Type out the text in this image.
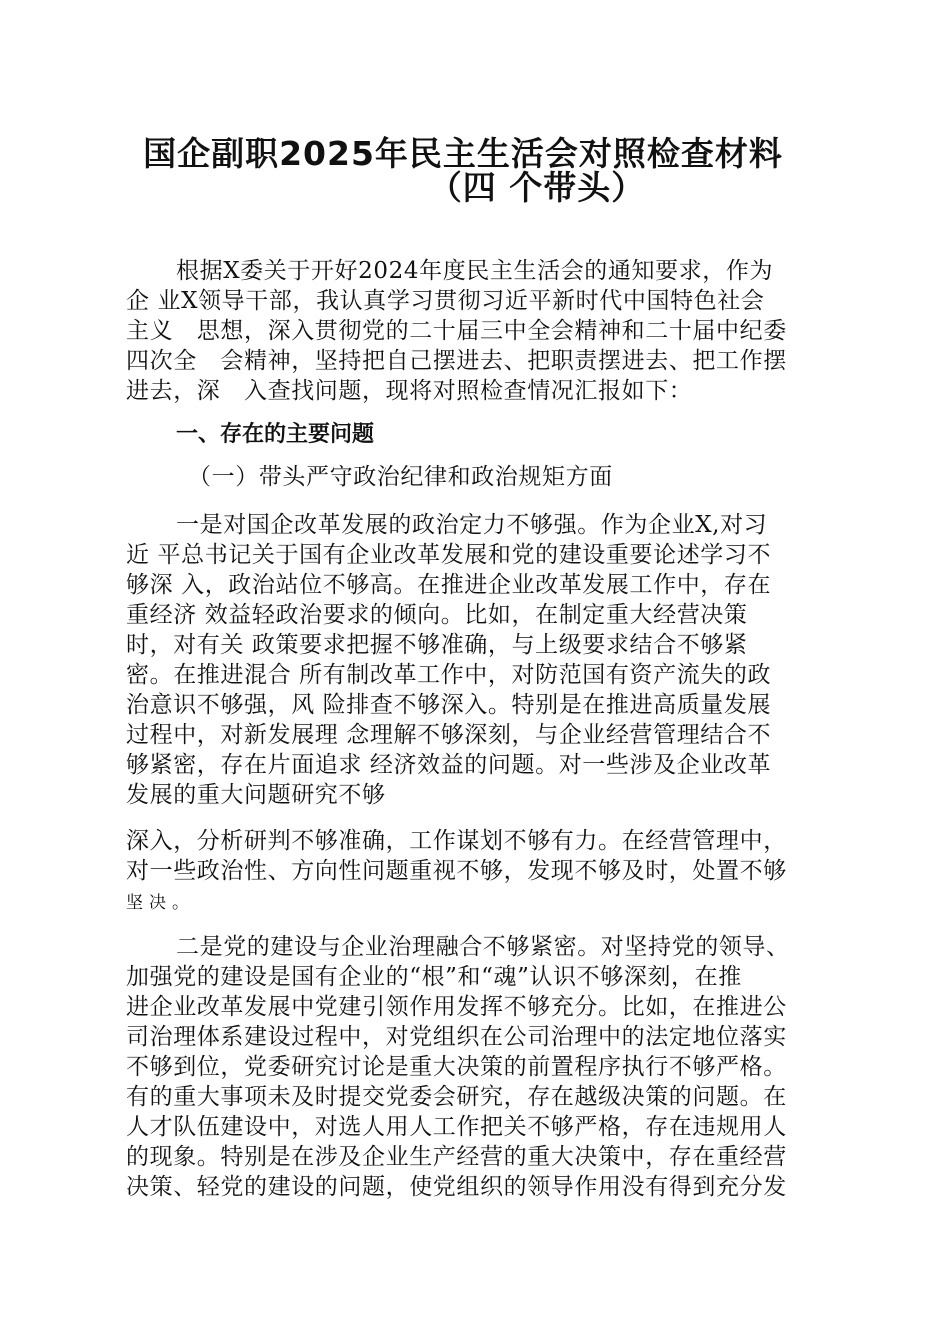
国企副职2025年民主生活会对照检查材料
（四 个带头）
根据X委关于开好2024年度民主生活会的通知要求，作为
企 业X领导干部，我认真学习贯彻习近平新时代中国特色社会
主义　思想，深入贯彻党的二十届三中全会精神和二十届中纪委
四次全　会精神，坚持把自己摆进去、把职责摆进去、把工作摆
进去，深　入查找问题，现将对照检查情况汇报如下：
一、存在的主要问题
（一）带头严守政治纪律和政治规矩方面
一是对国企改革发展的政治定力不够强。作为企业X,对习
近 平总书记关于国有企业改革发展和党的建设重要论述学习不
够深 入，政治站位不够高。在推进企业改革发展工作中，存在
重经济 效益轻政治要求的倾向。比如，在制定重大经营决策
时，对有关 政策要求把握不够准确，与上级要求结合不够紧
密。在推进混合 所有制改革工作中，对防范国有资产流失的政
治意识不够强，风 险排查不够深入。特别是在推进高质量发展
过程中，对新发展理 念理解不够深刻，与企业经营管理结合不
够紧密，存在片面追求 经济效益的问题。对一些涉及企业改革
发展的重大问题研究不够
深入，分析研判不够准确，工作谋划不够有力。在经营管理中，
对一些政治性、方向性问题重视不够，发现不够及时，处置不够
坚决。
二是党的建设与企业治理融合不够紧密。对坚持党的领导、
加强党的建设是国有企业的“根”和“魂”认识不够深刻，在推
进企业改革发展中党建引领作用发挥不够充分。比如，在推进公
司治理体系建设过程中，对党组织在公司治理中的法定地位落实
不够到位，党委研究讨论是重大决策的前置程序执行不够严格。
有的重大事项未及时提交党委会研究，存在越级决策的问题。在
人才队伍建设中，对选人用人工作把关不够严格，存在违规用人
的现象。特别是在涉及企业生产经营的重大决策中，存在重经营
决策、轻党的建设的问题，使党组织的领导作用没有得到充分发
